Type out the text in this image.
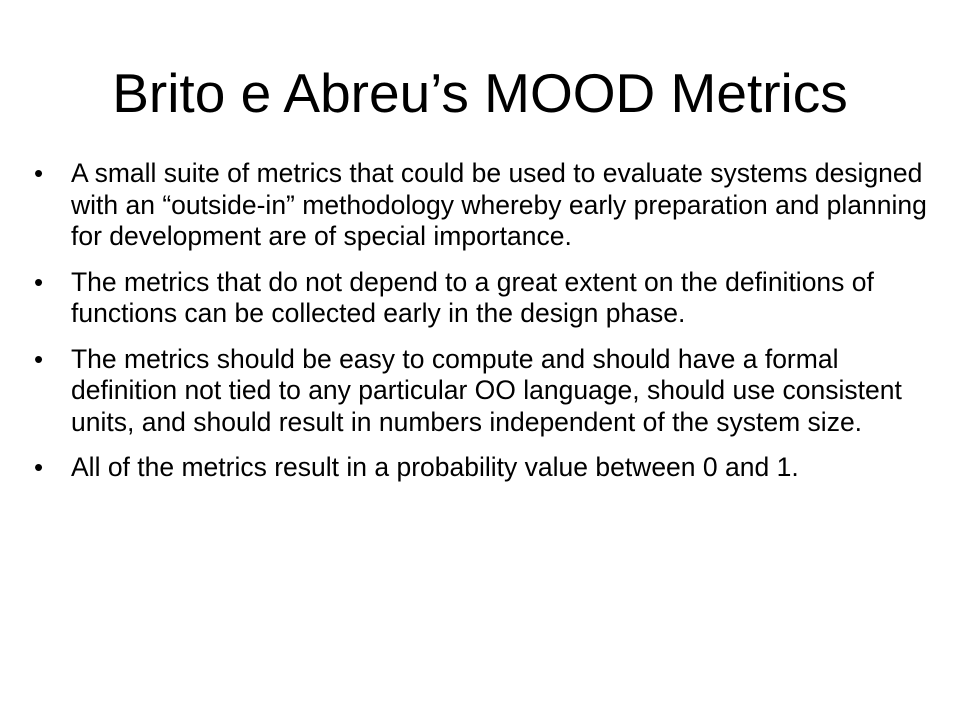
Brito e Abreu’s MOOD Metrics
• A small suite of metrics that could be used to evaluate systems designed with an “outside-in” methodology whereby early preparation and planning for development are of special importance.
• The metrics that do not depend to a great extent on the definitions of functions can be collected early in the design phase.
• The metrics should be easy to compute and should have a formal definition not tied to any particular OO language, should use consistent units, and should result in numbers independent of the system size.
• All of the metrics result in a probability value between 0 and 1.
